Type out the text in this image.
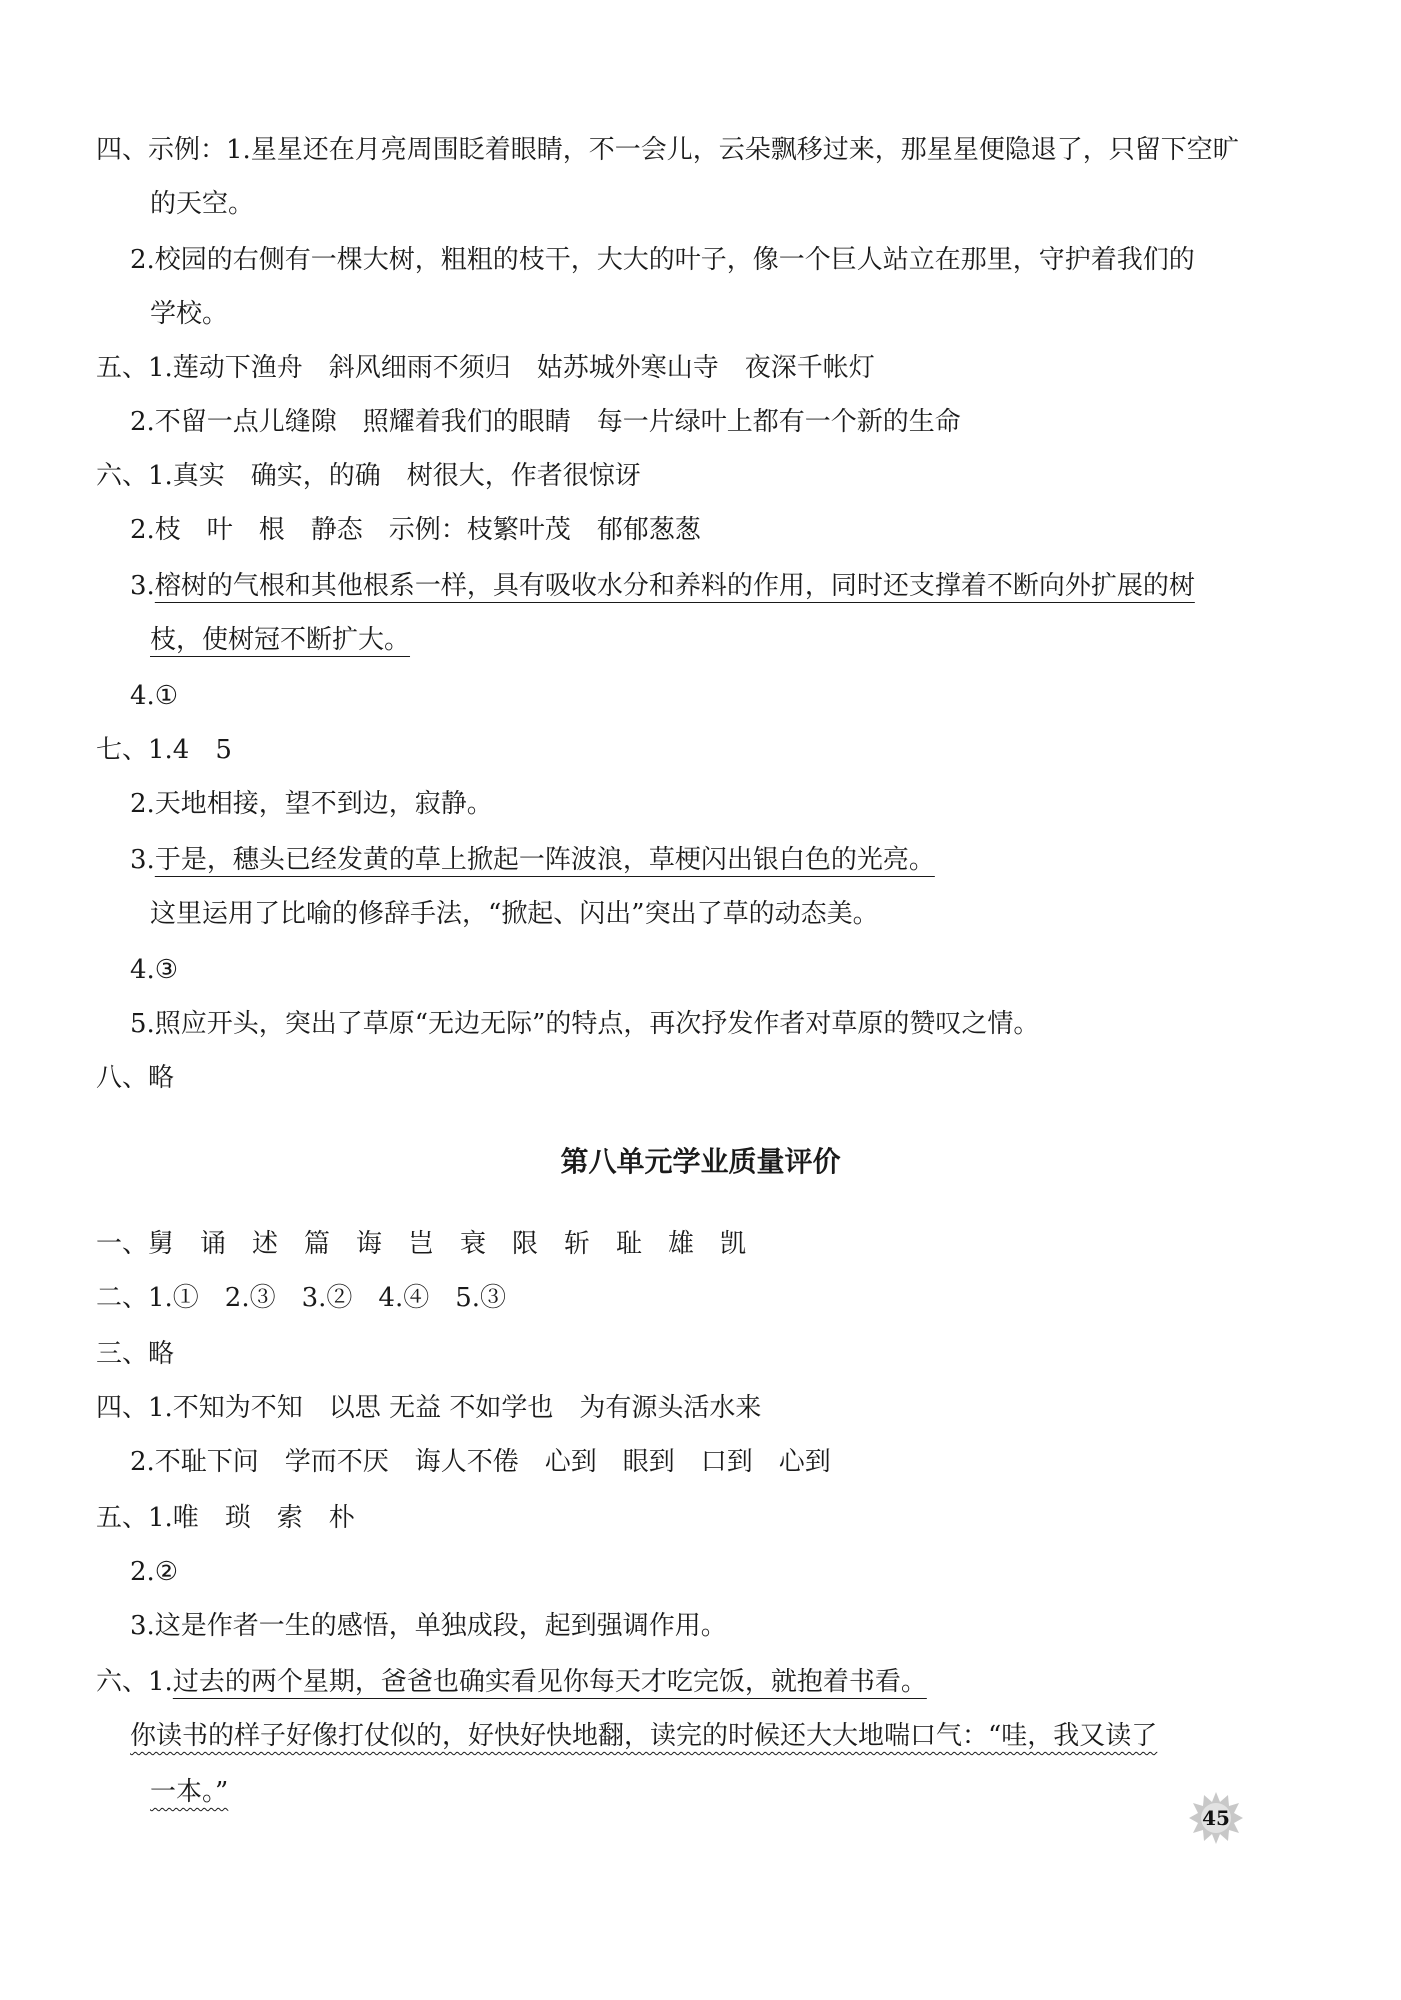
四、示例：1.星星还在月亮周围眨着眼睛，不一会儿，云朵飘移过来，那星星便隐退了，只留下空旷
的天空。
2.校园的右侧有一棵大树，粗粗的枝干，大大的叶子，像一个巨人站立在那里，守护着我们的
学校。
五、1.莲动下渔舟　斜风细雨不须归　姑苏城外寒山寺　夜深千帐灯
2.不留一点儿缝隙　照耀着我们的眼睛　每一片绿叶上都有一个新的生命
六、1.真实　确实，的确　树很大，作者很惊讶
2.枝　叶　根　静态　示例：枝繁叶茂　郁郁葱葱
3.榕树的气根和其他根系一样，具有吸收水分和养料的作用，同时还支撑着不断向外扩展的树
枝，使树冠不断扩大。
4.①
七、1.4　5
2.天地相接，望不到边，寂静。
3.于是，穗头已经发黄的草上掀起一阵波浪，草梗闪出银白色的光亮。
这里运用了比喻的修辞手法，“掀起、闪出”突出了草的动态美。
4.③
5.照应开头，突出了草原“无边无际”的特点，再次抒发作者对草原的赞叹之情。
八、略
第八单元学业质量评价
一、舅　诵　述　篇　诲　岂　衰　限　斩　耻　雄　凯
二、1.①　2.③　3.②　4.④　5.③
三、略
四、1.不知为不知　以思 无益 不如学也　为有源头活水来
2.不耻下问　学而不厌　诲人不倦　心到　眼到　口到　心到
五、1.唯　琐　索　朴
2.②
3.这是作者一生的感悟，单独成段，起到强调作用。
六、1.过去的两个星期，爸爸也确实看见你每天才吃完饭，就抱着书看。
你读书的样子好像打仗似的，好快好快地翻，读完的时候还大大地喘口气：“哇，我又读了
一本。”
45
